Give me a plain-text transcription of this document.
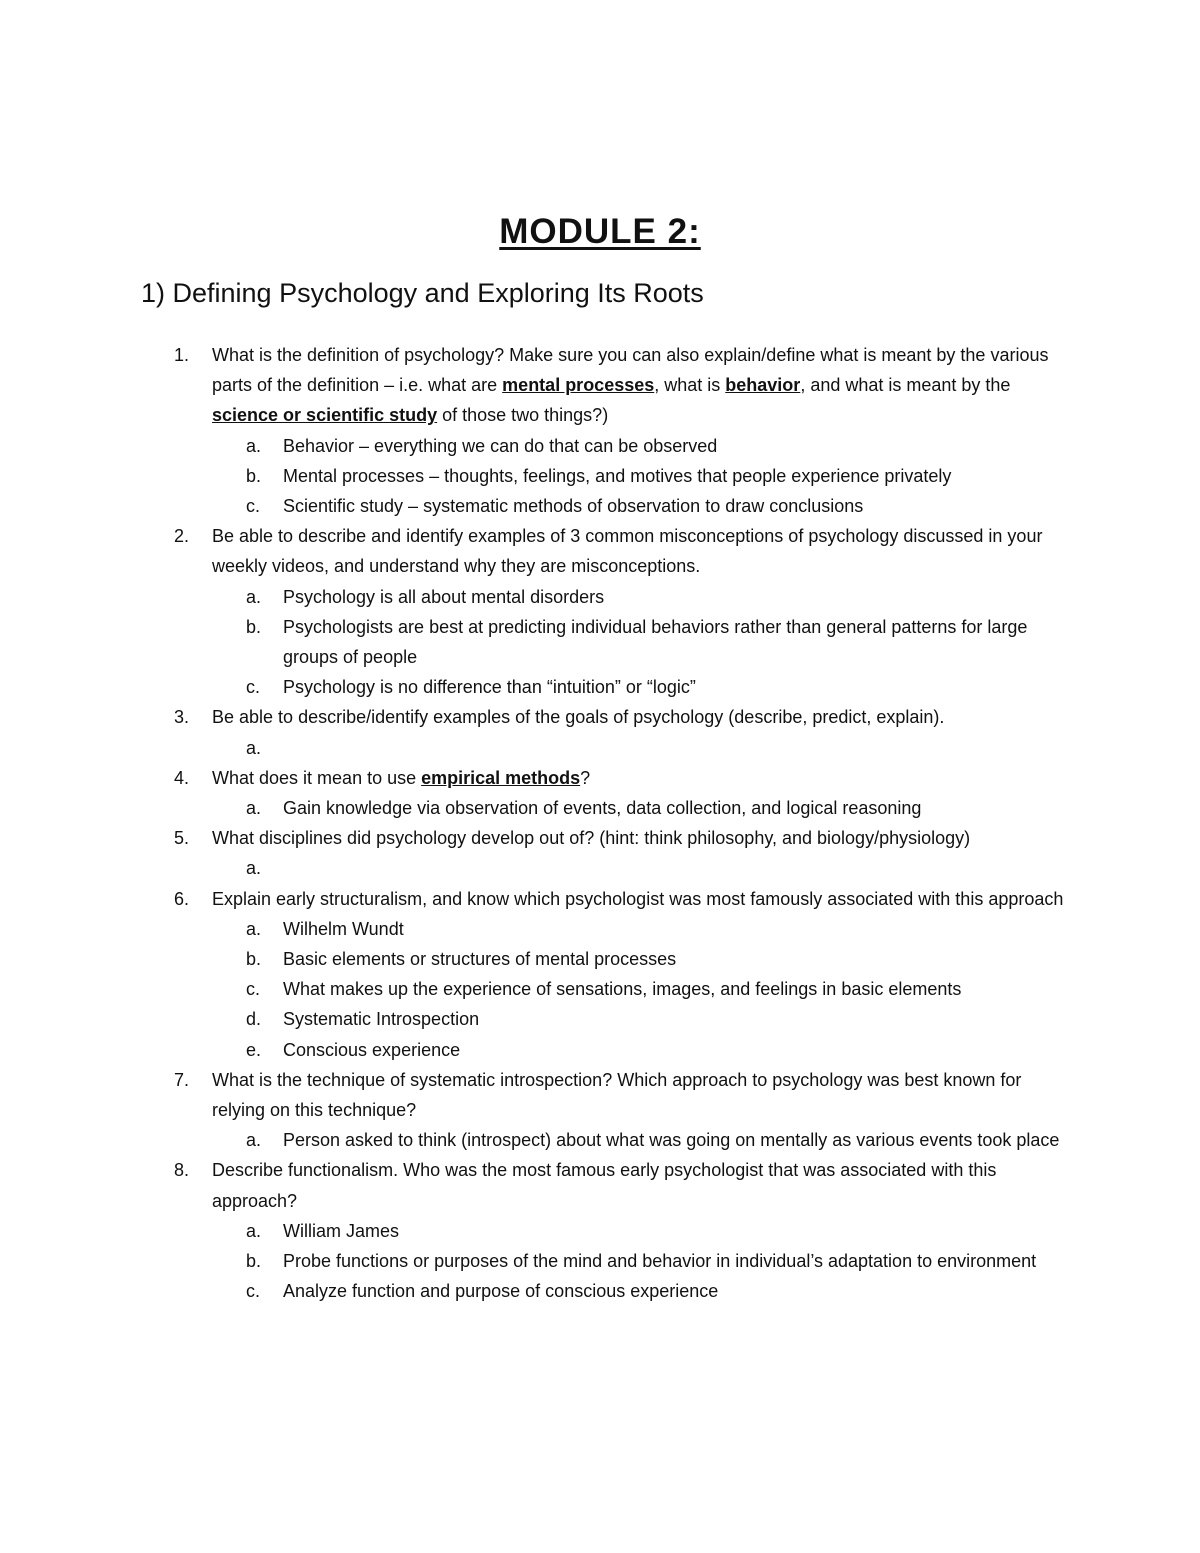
MODULE 2:
1) Defining Psychology and Exploring Its Roots
1. What is the definition of psychology? Make sure you can also explain/define what is meant by the various parts of the definition – i.e. what are mental processes, what is behavior, and what is meant by the science or scientific study of those two things?)
a. Behavior – everything we can do that can be observed
b. Mental processes – thoughts, feelings, and motives that people experience privately
c. Scientific study – systematic methods of observation to draw conclusions
2. Be able to describe and identify examples of 3 common misconceptions of psychology discussed in your weekly videos, and understand why they are misconceptions.
a. Psychology is all about mental disorders
b. Psychologists are best at predicting individual behaviors rather than general patterns for large groups of people
c. Psychology is no difference than “intuition” or “logic”
3. Be able to describe/identify examples of the goals of psychology (describe, predict, explain).
a.

4. What does it mean to use empirical methods?
a. Gain knowledge via observation of events, data collection, and logical reasoning
5. What disciplines did psychology develop out of? (hint: think philosophy, and biology/physiology)
a.

6. Explain early structuralism, and know which psychologist was most famously associated with this approach
a. Wilhelm Wundt
b. Basic elements or structures of mental processes
c. What makes up the experience of sensations, images, and feelings in basic elements
d. Systematic Introspection
e. Conscious experience
7. What is the technique of systematic introspection? Which approach to psychology was best known for relying on this technique?
a. Person asked to think (introspect) about what was going on mentally as various events took place
8. Describe functionalism. Who was the most famous early psychologist that was associated with this approach?
a. William James
b. Probe functions or purposes of the mind and behavior in individual’s adaptation to environment
c. Analyze function and purpose of conscious experience
